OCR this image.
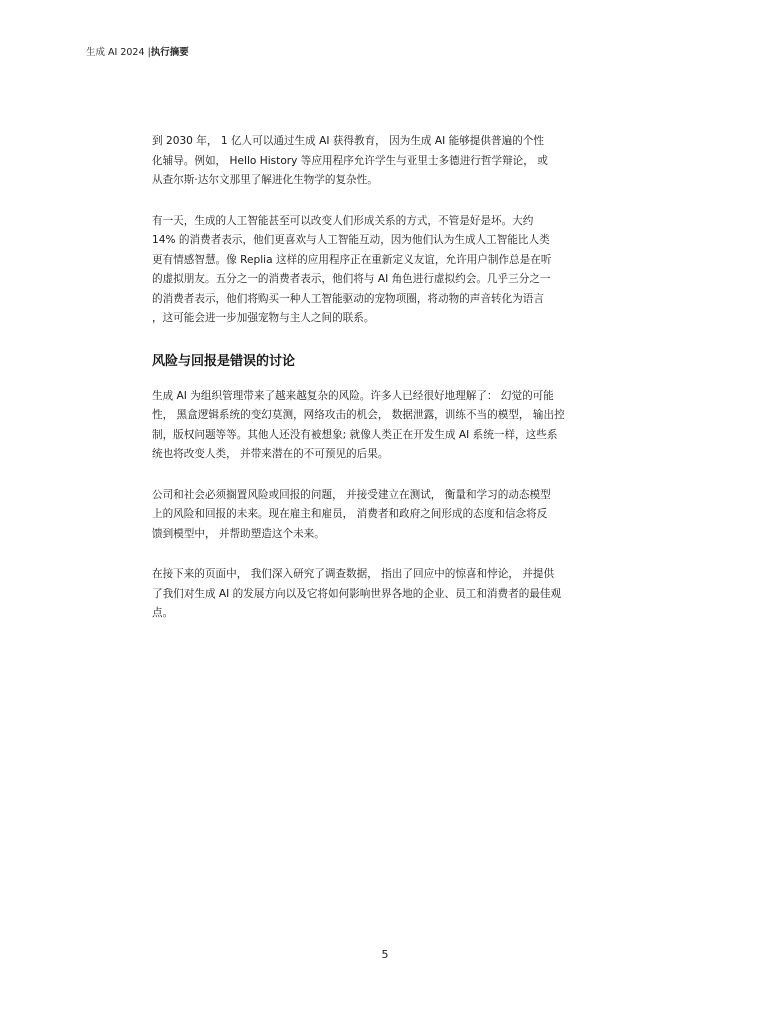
生成 AI 2024 |执行摘要

到 2030 年， 1 亿人可以通过生成 AI 获得教育， 因为生成 AI 能够提供普遍的个性
化辅导。例如， Hello History 等应用程序允许学生与亚里士多德进行哲学辩论， 或
从查尔斯·达尔文那里了解进化生物学的复杂性。

有一天，生成的人工智能甚至可以改变人们形成关系的方式，不管是好是坏。大约
14% 的消费者表示，他们更喜欢与人工智能互动，因为他们认为生成人工智能比人类
更有情感智慧。像 Replia 这样的应用程序正在重新定义友谊，允许用户制作总是在听
的虚拟朋友。五分之一的消费者表示，他们将与 AI 角色进行虚拟约会。几乎三分之一
的消费者表示，他们将购买一种人工智能驱动的宠物项圈，将动物的声音转化为语言
，这可能会进一步加强宠物与主人之间的联系。

风险与回报是错误的讨论

生成 AI 为组织管理带来了越来越复杂的风险。许多人已经很好地理解了： 幻觉的可能
性， 黑盒逻辑系统的变幻莫测，网络攻击的机会， 数据泄露，训练不当的模型， 输出控
制，版权问题等等。其他人还没有被想象; 就像人类正在开发生成 AI 系统一样，这些系
统也将改变人类， 并带来潜在的不可预见的后果。

公司和社会必须搁置风险或回报的问题， 并接受建立在测试， 衡量和学习的动态模型
上的风险和回报的未来。现在雇主和雇员， 消费者和政府之间形成的态度和信念将反
馈到模型中， 并帮助塑造这个未来。

在接下来的页面中， 我们深入研究了调查数据， 指出了回应中的惊喜和悖论， 并提供
了我们对生成 AI 的发展方向以及它将如何影响世界各地的企业、员工和消费者的最佳观
点。

5
